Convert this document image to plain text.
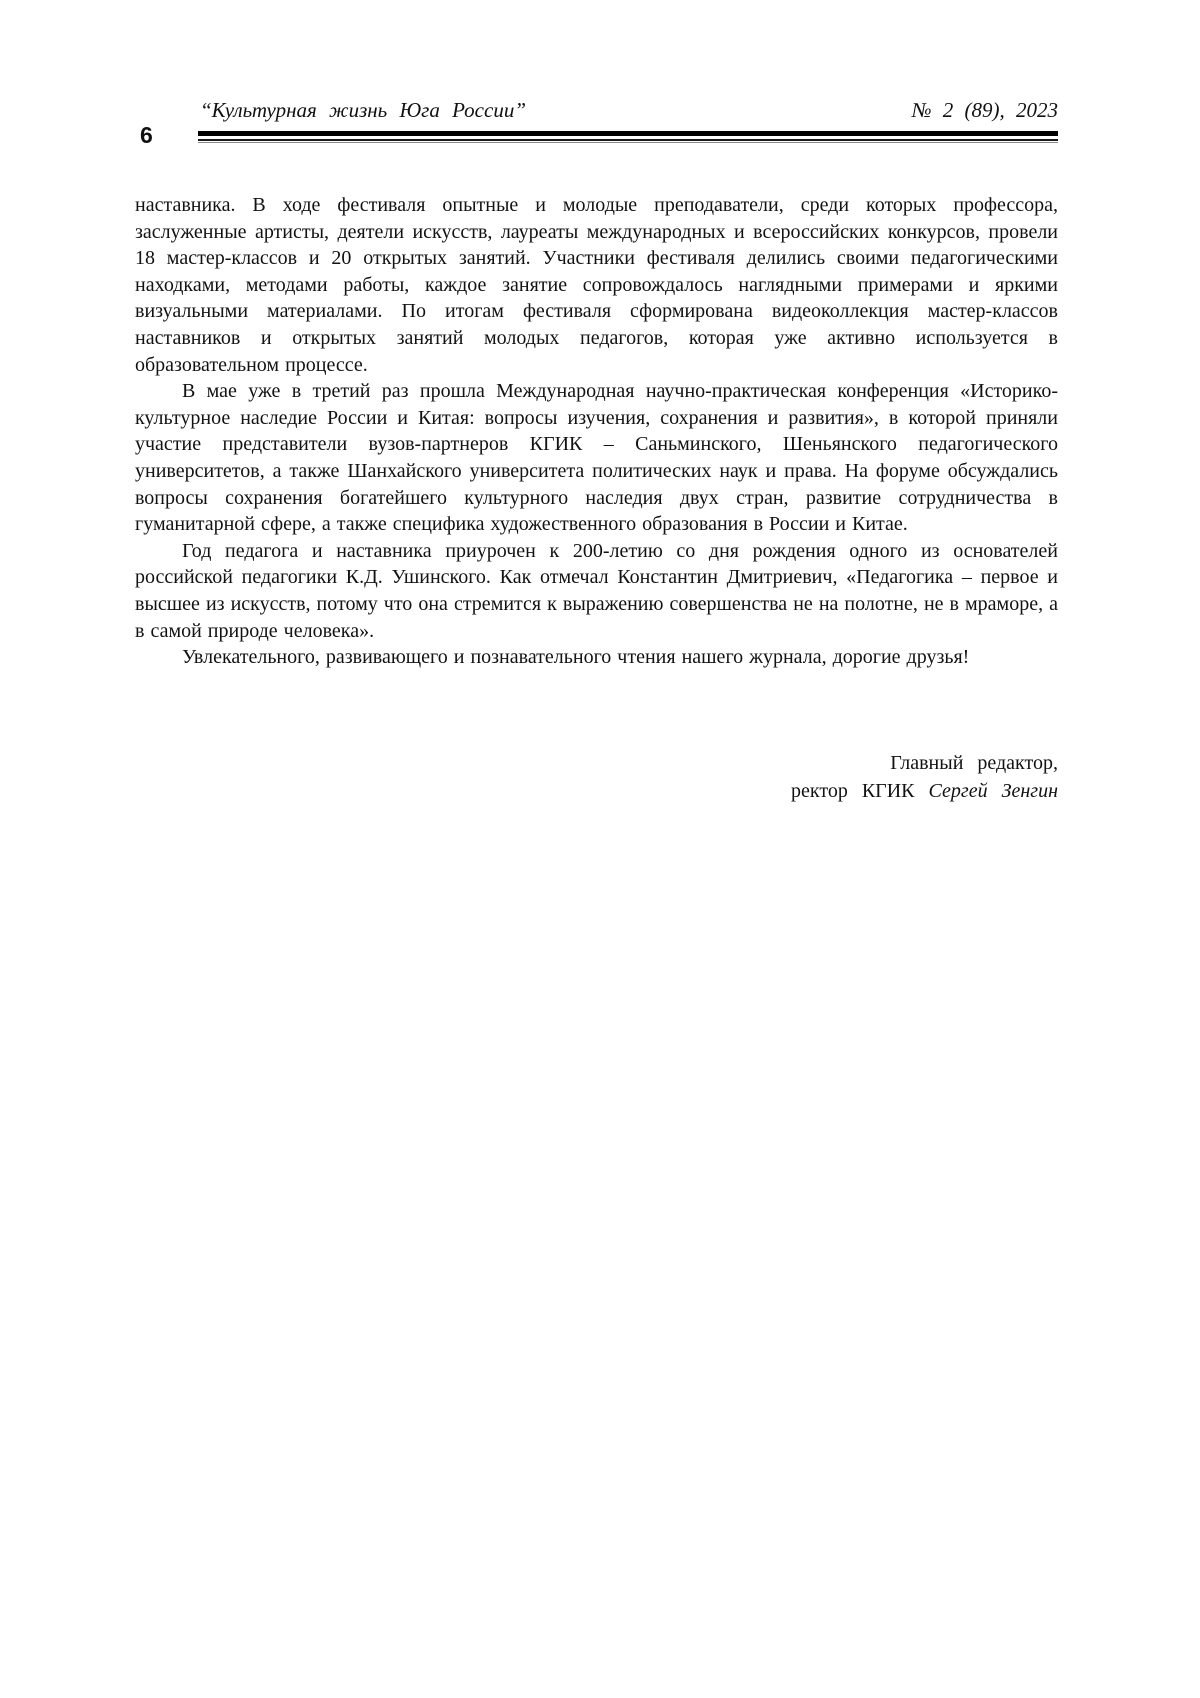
6
“Культурная жизнь Юга России”	№ 2 (89), 2023

наставника. В ходе фестиваля опытные и молодые преподаватели, среди которых профессора, заслуженные артисты, деятели искусств, лауреаты международных и всероссийских конкурсов, провели 18 мастер-классов и 20 открытых занятий. Участники фестиваля делились своими педагогическими находками, методами работы, каждое занятие сопровождалось наглядными примерами и яркими визуальными материалами. По итогам фестиваля сформирована видеоколлекция мастер-классов наставников и открытых занятий молодых педагогов, которая уже активно используется в образовательном процессе.

В мае уже в третий раз прошла Международная научно-практическая конференция «Историко-культурное наследие России и Китая: вопросы изучения, сохранения и развития», в которой приняли участие представители вузов-партнеров КГИК – Саньминского, Шеньянского педагогического университетов, а также Шанхайского университета политических наук и права. На форуме обсуждались вопросы сохранения богатейшего культурного наследия двух стран, развитие сотрудничества в гуманитарной сфере, а также специфика художественного образования в России и Китае.

Год педагога и наставника приурочен к 200-летию со дня рождения одного из основателей российской педагогики К.Д. Ушинского. Как отмечал Константин Дмитриевич, «Педагогика – первое и высшее из искусств, потому что она стремится к выражению совершенства не на полотне, не в мраморе, а в самой природе человека».

Увлекательного, развивающего и познавательного чтения нашего журнала, дорогие друзья!

Главный редактор,
ректор КГИК Сергей Зенгин
